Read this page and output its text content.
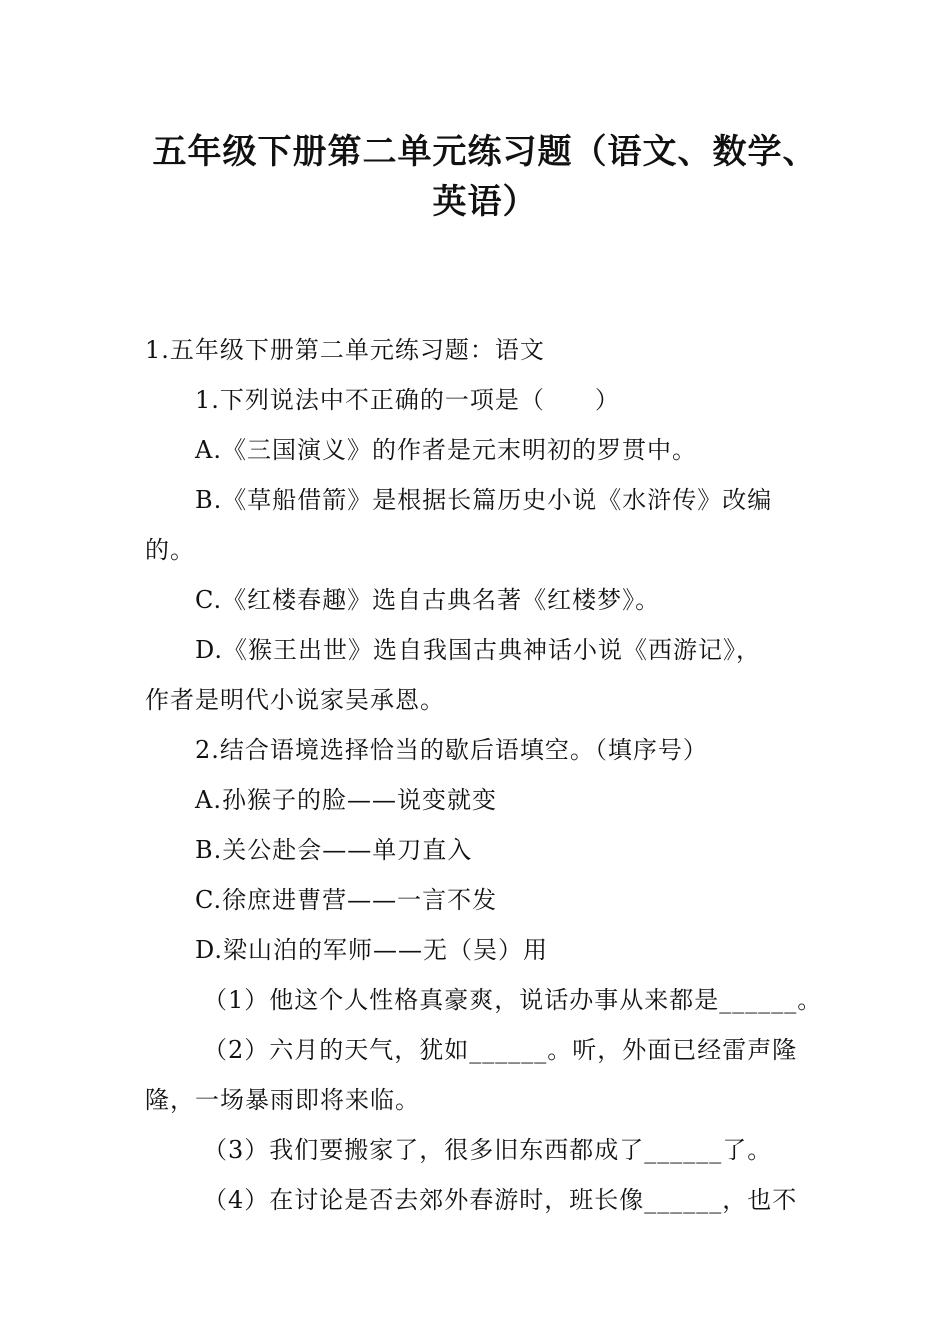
五年级下册第二单元练习题（语文、数学、
英语）
1.五年级下册第二单元练习题：语文
1.下列说法中不正确的一项是（　　）
A.《三国演义》的作者是元末明初的罗贯中。
B.《草船借箭》是根据长篇历史小说《水浒传》改编
的。
C.《红楼春趣》选自古典名著《红楼梦》。
D.《猴王出世》选自我国古典神话小说《西游记》，
作者是明代小说家吴承恩。
2.结合语境选择恰当的歇后语填空。（填序号）
A.孙猴子的脸——说变就变
B.关公赴会——单刀直入
C.徐庶进曹营——一言不发
D.梁山泊的军师——无（吴）用
（1）他这个人性格真豪爽，说话办事从来都是______。
（2）六月的天气，犹如______。听，外面已经雷声隆
隆，一场暴雨即将来临。
（3）我们要搬家了，很多旧东西都成了______了。
（4）在讨论是否去郊外春游时，班长像______，也不
